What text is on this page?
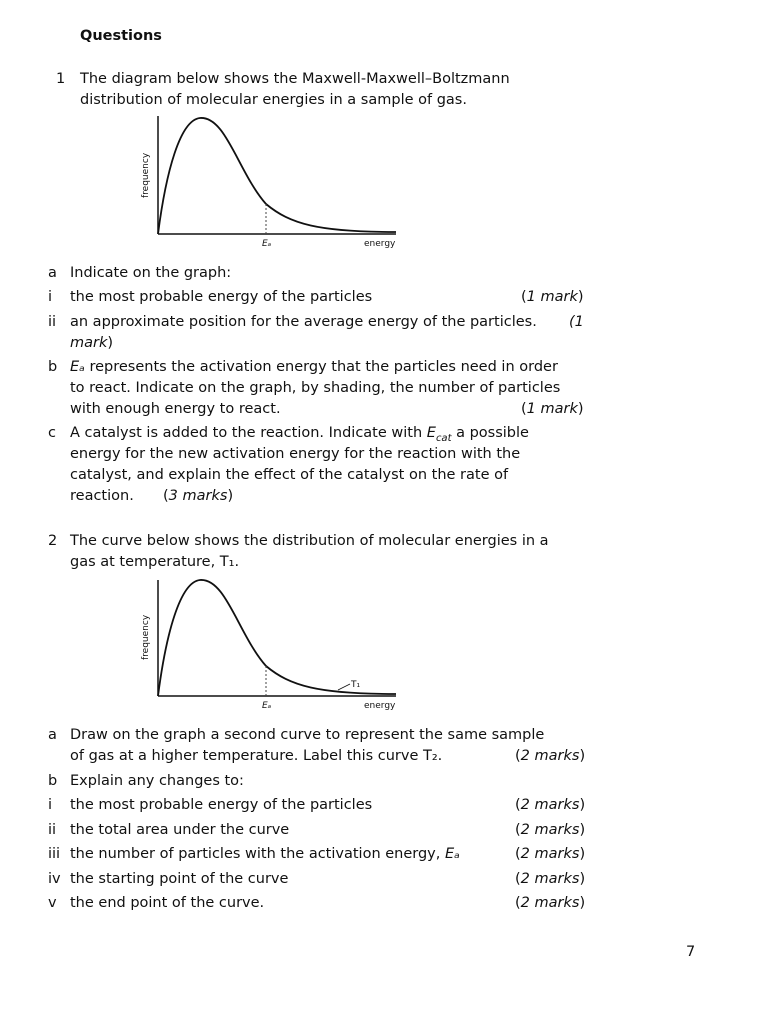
Questions
1 The diagram below shows the Maxwell-Maxwell–Boltzmann
distribution of molecular energies in a sample of gas.
frequency
Eₐ	energy
a Indicate on the graph:
i the most probable energy of the particles	(1 mark)
ii an approximate position for the average energy of the particles. (1
mark)
b Eₐ represents the activation energy that the particles need in order
to react. Indicate on the graph, by shading, the number of particles
with enough energy to react.	(1 mark)
c A catalyst is added to the reaction. Indicate with $E_{cat}$ a possible
energy for the new activation energy for the reaction with the
catalyst, and explain the effect of the catalyst on the rate of
reaction. (3 marks)
2 The curve below shows the distribution of molecular energies in a
gas at temperature, T₁.
T₁
frequency
Eₐ	energy
a Draw on the graph a second curve to represent the same sample
of gas at a higher temperature. Label this curve T₂.	(2 marks)
b Explain any changes to:
i the most probable energy of the particles	(2 marks)
ii the total area under the curve	(2 marks)
iii the number of particles with the activation energy, Eₐ	(2 marks)
iv the starting point of the curve	(2 marks)
v the end point of the curve.	(2 marks)
7
